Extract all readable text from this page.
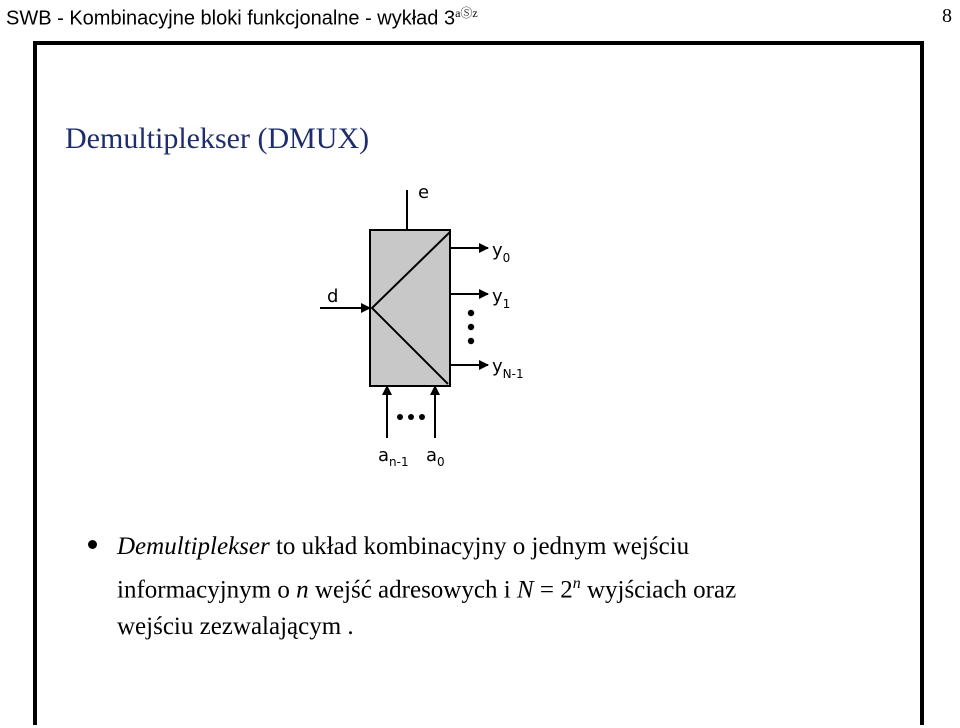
SWB - Kombinacyjne bloki funkcjonalne - wykład $3^{aⓈz}$	8
Demultiplekser (DMUX)
e
d
$y_0$
$y_1$
$y_{N-1}$
$a_{n-1}$ $a_0$
Demultiplekser to układ kombinacyjny o jednym wejściu
informacyjnym o n wejść adresowych i $N = 2^n$ wyjściach oraz
wejściu zezwalającym .
